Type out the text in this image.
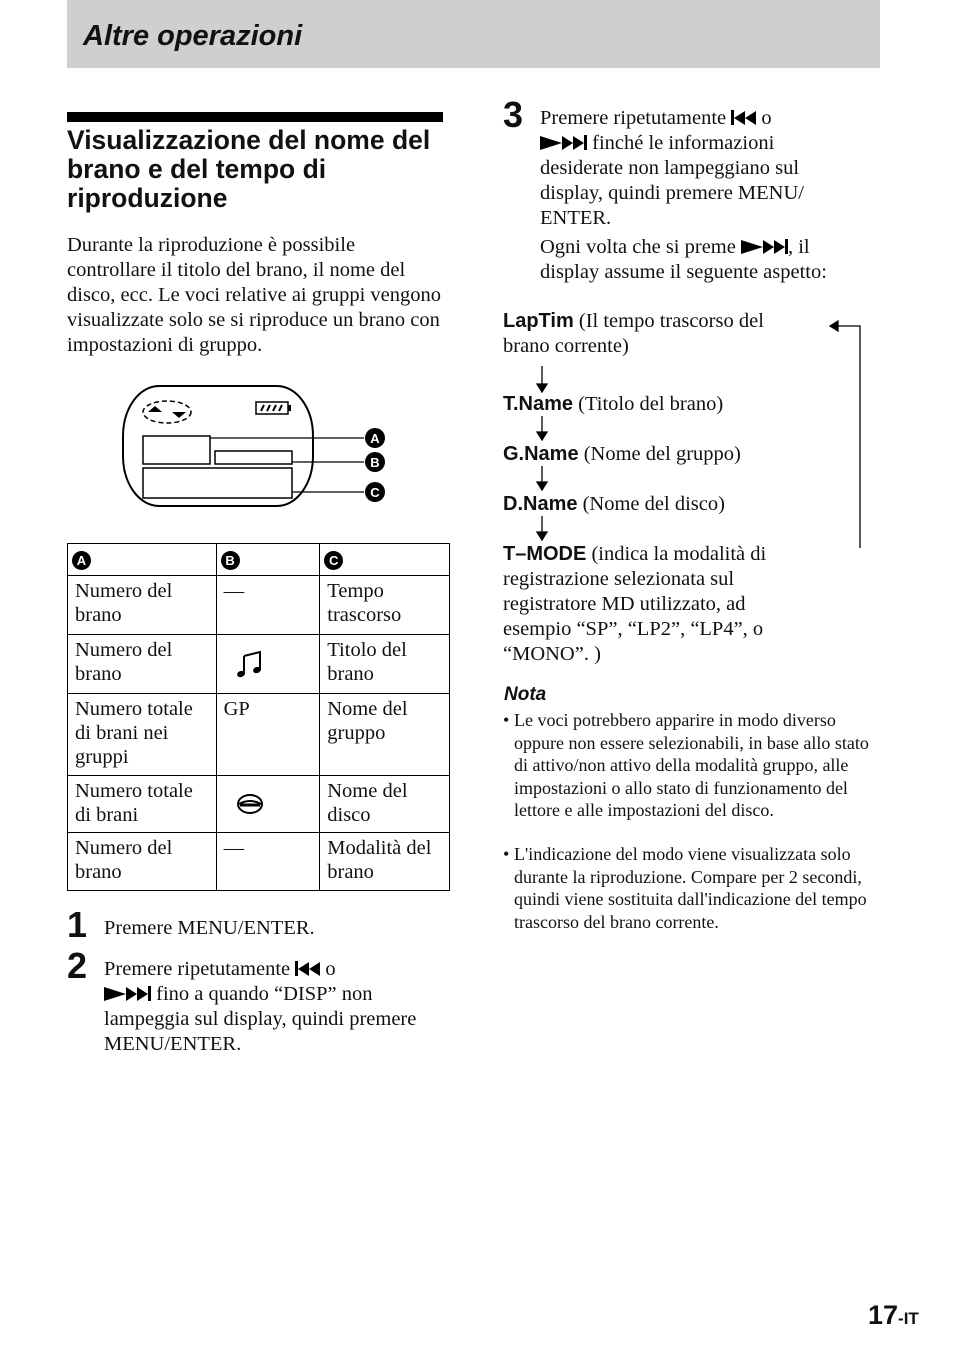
Altre operazioni
Visualizzazione del nome del brano e del tempo di riproduzione
Durante la riproduzione è possibile controllare il titolo del brano, il nome del disco, ecc. Le voci relative ai gruppi vengono visualizzate solo se si riproduce un brano con impostazioni di gruppo.
A
B
C
A	B	C
Numero del brano	—	Tempo trascorso
Numero del brano		Titolo del brano
Numero totale di brani nei gruppi	GP	Nome del gruppo
Numero totale di brani		Nome del disco
Numero del brano	—	Modalità del brano
1 Premere MENU/ENTER.
2 Premere ripetutamente o
fino a quando “DISP” non lampeggia sul display, quindi premere MENU/ENTER.
3 Premere ripetutamente o
finché le informazioni desiderate non lampeggiano sul display, quindi premere MENU/ ENTER.
Ogni volta che si preme	, il display assume il seguente aspetto:
LapTim (Il tempo trascorso del brano corrente)
T.Name (Titolo del brano)
G.Name (Nome del gruppo)
D.Name (Nome del disco)
T–MODE (indica la modalità di registrazione selezionata sul registratore MD utilizzato, ad esempio “SP”, “LP2”, “LP4”, o “MONO”. )
Nota
• Le voci potrebbero apparire in modo diverso oppure non essere selezionabili, in base allo stato di attivo/non attivo della modalità gruppo, alle impostazioni o allo stato di funzionamento del lettore e alle impostazioni del disco.
• L'indicazione del modo viene visualizzata solo durante la riproduzione. Compare per 2 secondi, quindi viene sostituita dall'indicazione del tempo trascorso del brano corrente.
17-IT
